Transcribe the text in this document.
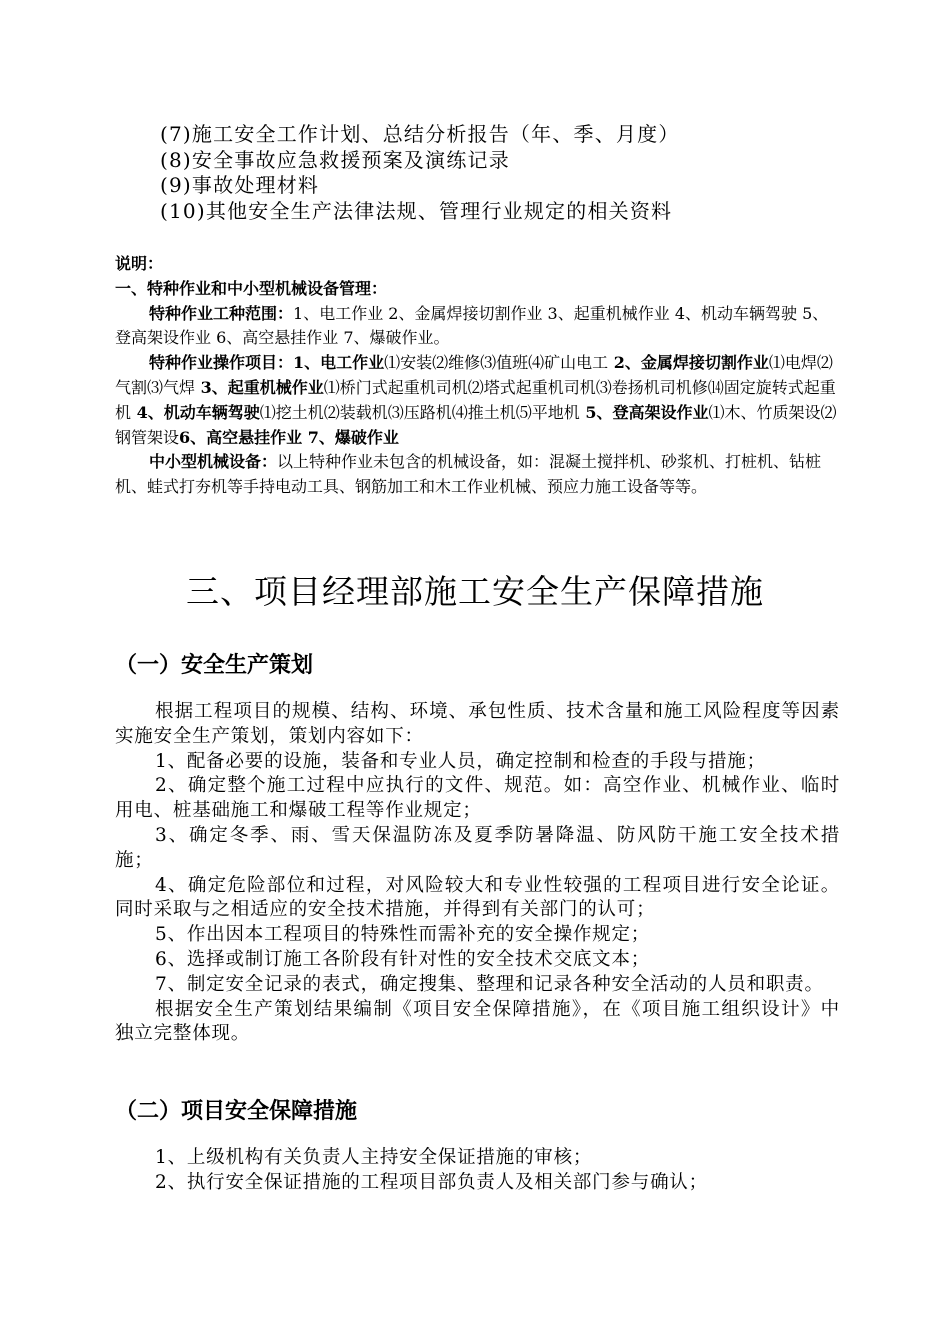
(7)施工安全工作计划、总结分析报告（年、季、月度）
(8)安全事故应急救援预案及演练记录
(9)事故处理材料
(10)其他安全生产法律法规、管理行业规定的相关资料

说明：

一、特种作业和中小型机械设备管理：

特种作业工种范围：1、电工作业 2、金属焊接切割作业 3、起重机械作业 4、机动车辆驾驶 5、登高架设作业 6、高空悬挂作业 7、爆破作业。

特种作业操作项目：1、电工作业⑴安装⑵维修⑶值班⑷矿山电工 2、金属焊接切割作业⑴电焊⑵气割⑶气焊 3、起重机械作业⑴桥门式起重机司机⑵塔式起重机司机⑶卷扬机司机修⒁固定旋转式起重机 4、机动车辆驾驶⑴挖土机⑵装载机⑶压路机⑷推土机⑸平地机 5、登高架设作业⑴木、竹质架设⑵钢管架设6、高空悬挂作业 7、爆破作业

中小型机械设备：以上特种作业未包含的机械设备，如：混凝土搅拌机、砂浆机、打桩机、钻桩机、蛙式打夯机等手持电动工具、钢筋加工和木工作业机械、预应力施工设备等等。

三、项目经理部施工安全生产保障措施
（一）安全生产策划

根据工程项目的规模、结构、环境、承包性质、技术含量和施工风险程度等因素实施安全生产策划，策划内容如下：

1、配备必要的设施，装备和专业人员，确定控制和检查的手段与措施；

2、确定整个施工过程中应执行的文件、规范。如：高空作业、机械作业、临时用电、桩基础施工和爆破工程等作业规定；

3、确定冬季、雨、雪天保温防冻及夏季防暑降温、防风防干施工安全技术措施；

4、确定危险部位和过程，对风险较大和专业性较强的工程项目进行安全论证。同时采取与之相适应的安全技术措施，并得到有关部门的认可；

5、作出因本工程项目的特殊性而需补充的安全操作规定；

6、选择或制订施工各阶段有针对性的安全技术交底文本；

7、制定安全记录的表式，确定搜集、整理和记录各种安全活动的人员和职责。

根据安全生产策划结果编制《项目安全保障措施》，在《项目施工组织设计》中独立完整体现。

（二）项目安全保障措施

1、上级机构有关负责人主持安全保证措施的审核；

2、执行安全保证措施的工程项目部负责人及相关部门参与确认；
